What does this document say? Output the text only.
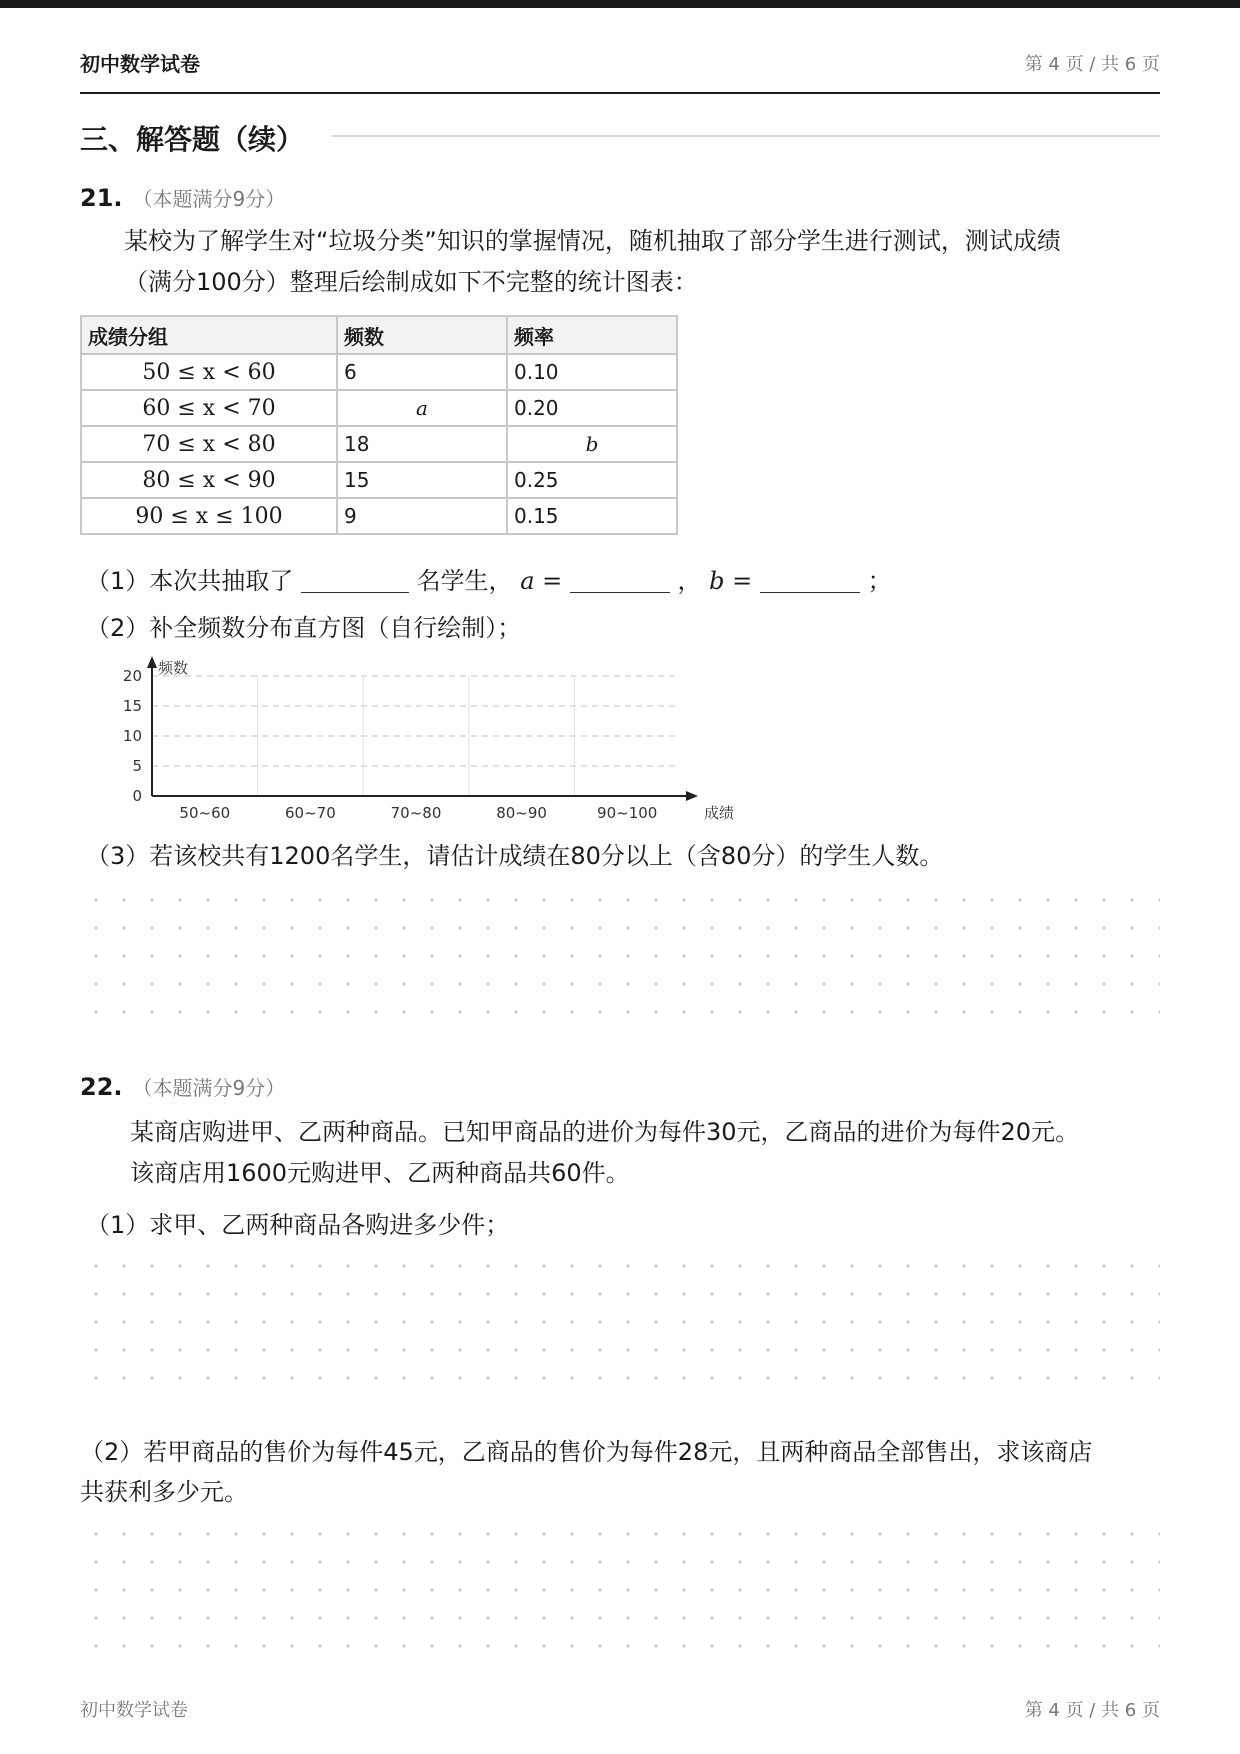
初中数学试卷	第 4 页 / 共 6 页
三、解答题（续）
21. （本题满分9分）
某校为了解学生对“垃圾分类”知识的掌握情况，随机抽取了部分学生进行测试，测试成绩
（满分100分）整理后绘制成如下不完整的统计图表：
成绩分组	频数	频率
50 ≤ x < 60	6	0.10
60 ≤ x < 70	a	0.20
70 ≤ x < 80	18	b
80 ≤ x < 90	15	0.25
90 ≤ x ≤ 100	9	0.15
（1）本次共抽取了	名学生， a =	， b =	；
（2）补全频数分布直方图（自行绘制）；
0
5
10
15
20
50~60	60~70	70~80	80~90	90~100
频数
成绩
（3）若该校共有1200名学生，请估计成绩在80分以上（含80分）的学生人数。
22. （本题满分9分）
某商店购进甲、乙两种商品。已知甲商品的进价为每件30元，乙商品的进价为每件20元。
该商店用1600元购进甲、乙两种商品共60件。
（1）求甲、乙两种商品各购进多少件；
（2）若甲商品的售价为每件45元，乙商品的售价为每件28元，且两种商品全部售出，求该商店
共获利多少元。
初中数学试卷	第 4 页 / 共 6 页
